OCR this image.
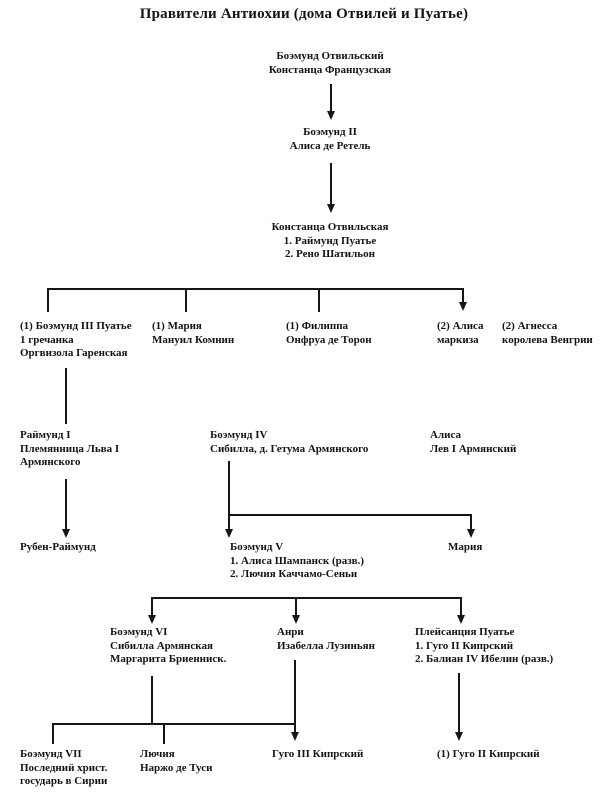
Правители Антиохии (дома Отвилей и Пуатье)
Боэмунд Отвильский
Констанца Французская
Боэмунд II
Алиса де Ретель
Констанца Отвильская
1. Раймунд Пуатье
2. Рено Шатильон
(1) Боэмунд III Пуатье
1 гречанка
Оргвизола Гаренская
(1) Мария
Мануил Комнин
(1) Филиппа
Онфруа де Торон
(2) Алиса
маркиза
(2) Агнесса
королева Венгрии
Раймунд I
Племянница Льва I
Армянского
Боэмунд IV
Сибилла, д. Гетума Армянского
Алиса
Лев I Армянский
Рубен-Раймунд	Боэмунд V
1. Алиса Шампанск (разв.)
2. Лючия Каччамо-Сеньи
Мария
Боэмунд VI
Сибилла Армянская
Маргарита Бриенниск.
Анри
Изабелла Лузиньян
Плейсанция Пуатье
1. Гуго II Кипрский
2. Балиан IV Ибелин (разв.)
Боэмунд VII
Последний христ.
государь в Сирии
Лючия
Наржо де Туси
Гуго III Кипрский	(1) Гуго II Кипрский
